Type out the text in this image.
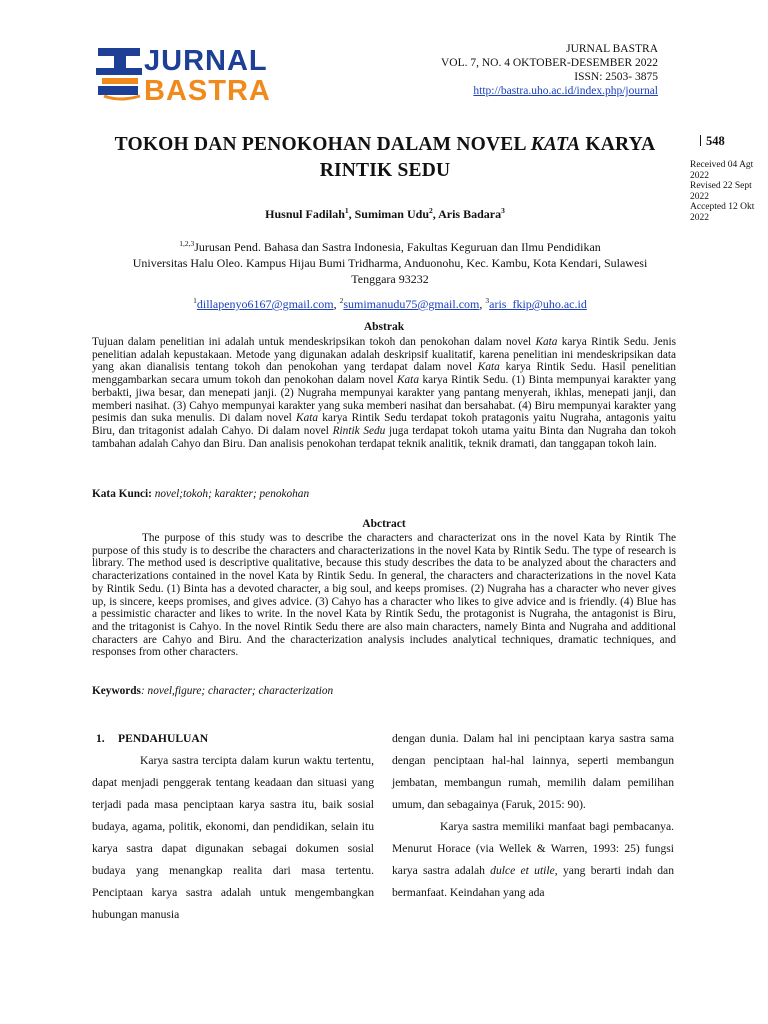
JURNAL
BASTRA
JURNAL BASTRA
VOL. 7, NO. 4 OKTOBER-DESEMBER 2022
ISSN: 2503- 3875
http://bastra.uho.ac.id/index.php/journal
TOKOH DAN PENOKOHAN DALAM NOVEL KATA KARYA
RINTIK SEDU
548
Received 04 Agt 2022
Revised 22 Sept 2022
Accepted 12 Okt 2022
Husnul Fadilah$^1$, Sumiman Udu$^2$, Aris Badara$^3$
$^{1,2,3}$Jurusan Pend. Bahasa dan Sastra Indonesia, Fakultas Keguruan dan Ilmu Pendidikan
Universitas Halu Oleo. Kampus Hijau Bumi Tridharma, Anduonohu, Kec. Kambu, Kota Kendari, Sulawesi
Tenggara 93232
$^1$dillapenyo6167@gmail.com, $^2$sumimanudu75@gmail.com, $^3$aris_fkip@uho.ac.id
Abstrak
Tujuan dalam penelitian ini adalah untuk mendeskripsikan tokoh dan penokohan dalam novel Kata karya Rintik Sedu. Jenis penelitian adalah kepustakaan. Metode yang digunakan adalah deskripsif kualitatif, karena penelitian ini mendeskripsikan data yang akan dianalisis tentang tokoh dan penokohan yang terdapat dalam novel Kata karya Rintik Sedu. Hasil penelitian menggambarkan secara umum tokoh dan penokohan dalam novel Kata karya Rintik Sedu. (1) Binta mempunyai karakter yang berbakti, jiwa besar, dan menepati janji. (2) Nugraha mempunyai karakter yang pantang menyerah, ikhlas, menepati janji, dan memberi nasihat. (3) Cahyo mempunyai karakter yang suka memberi nasihat dan bersahabat. (4) Biru mempunyai karakter yang pesimis dan suka menulis. Di dalam novel Kata karya Rintik Sedu terdapat tokoh pratagonis yaitu Nugraha, antagonis yaitu Biru, dan tritagonist adalah Cahyo. Di dalam novel Rintik Sedu juga terdapat tokoh utama yaitu Binta dan Nugraha dan tokoh tambahan adalah Cahyo dan Biru. Dan analisis penokohan terdapat teknik analitik, teknik dramati, dan tanggapan tokoh lain.
Kata Kunci: novel;tokoh; karakter; penokohan
Abctract
The purpose of this study was to describe the characters and characterizat ons in the novel Kata by Rintik The purpose of this study is to describe the characters and characterizations in the novel Kata by Rintik Sedu. The type of research is library. The method used is descriptive qualitative, because this study describes the data to be analyzed about the characters and characterizations contained in the novel Kata by Rintik Sedu. In general, the characters and characterizations in the novel Kata by Rintik Sedu. (1) Binta has a devoted character, a big soul, and keeps promises. (2) Nugraha has a character who never gives up, is sincere, keeps promises, and gives advice. (3) Cahyo has a character who likes to give advice and is friendly. (4) Blue has a pessimistic character and likes to write. In the novel Kata by Rintik Sedu, the protagonist is Nugraha, the antagonist is Biru, and the tritagonist is Cahyo. In the novel Rintik Sedu there are also main characters, namely Binta and Nugraha and additional characters are Cahyo and Biru. And the characterization analysis includes analytical techniques, dramatic techniques, and responses from other characters.
Keywords: novel,figure; character; characterization
1. PENDAHULUAN

Karya sastra tercipta dalam kurun waktu tertentu, dapat menjadi penggerak tentang keadaan dan situasi yang terjadi pada masa penciptaan karya sastra itu, baik sosial budaya, agama, politik, ekonomi, dan pendidikan, selain itu karya sastra dapat digunakan sebagai dokumen sosial budaya yang menangkap realita dari masa tertentu. Penciptaan karya sastra adalah untuk mengembangkan hubungan manusia

dengan dunia. Dalam hal ini penciptaan karya sastra sama dengan penciptaan hal-hal lainnya, seperti membangun jembatan, membangun rumah, memilih dalam pemilihan umum, dan sebagainya (Faruk, 2015: 90).

Karya sastra memiliki manfaat bagi pembacanya. Menurut Horace (via Wellek & Warren, 1993: 25) fungsi karya sastra adalah dulce et utile, yang berarti indah dan bermanfaat. Keindahan yang ada
